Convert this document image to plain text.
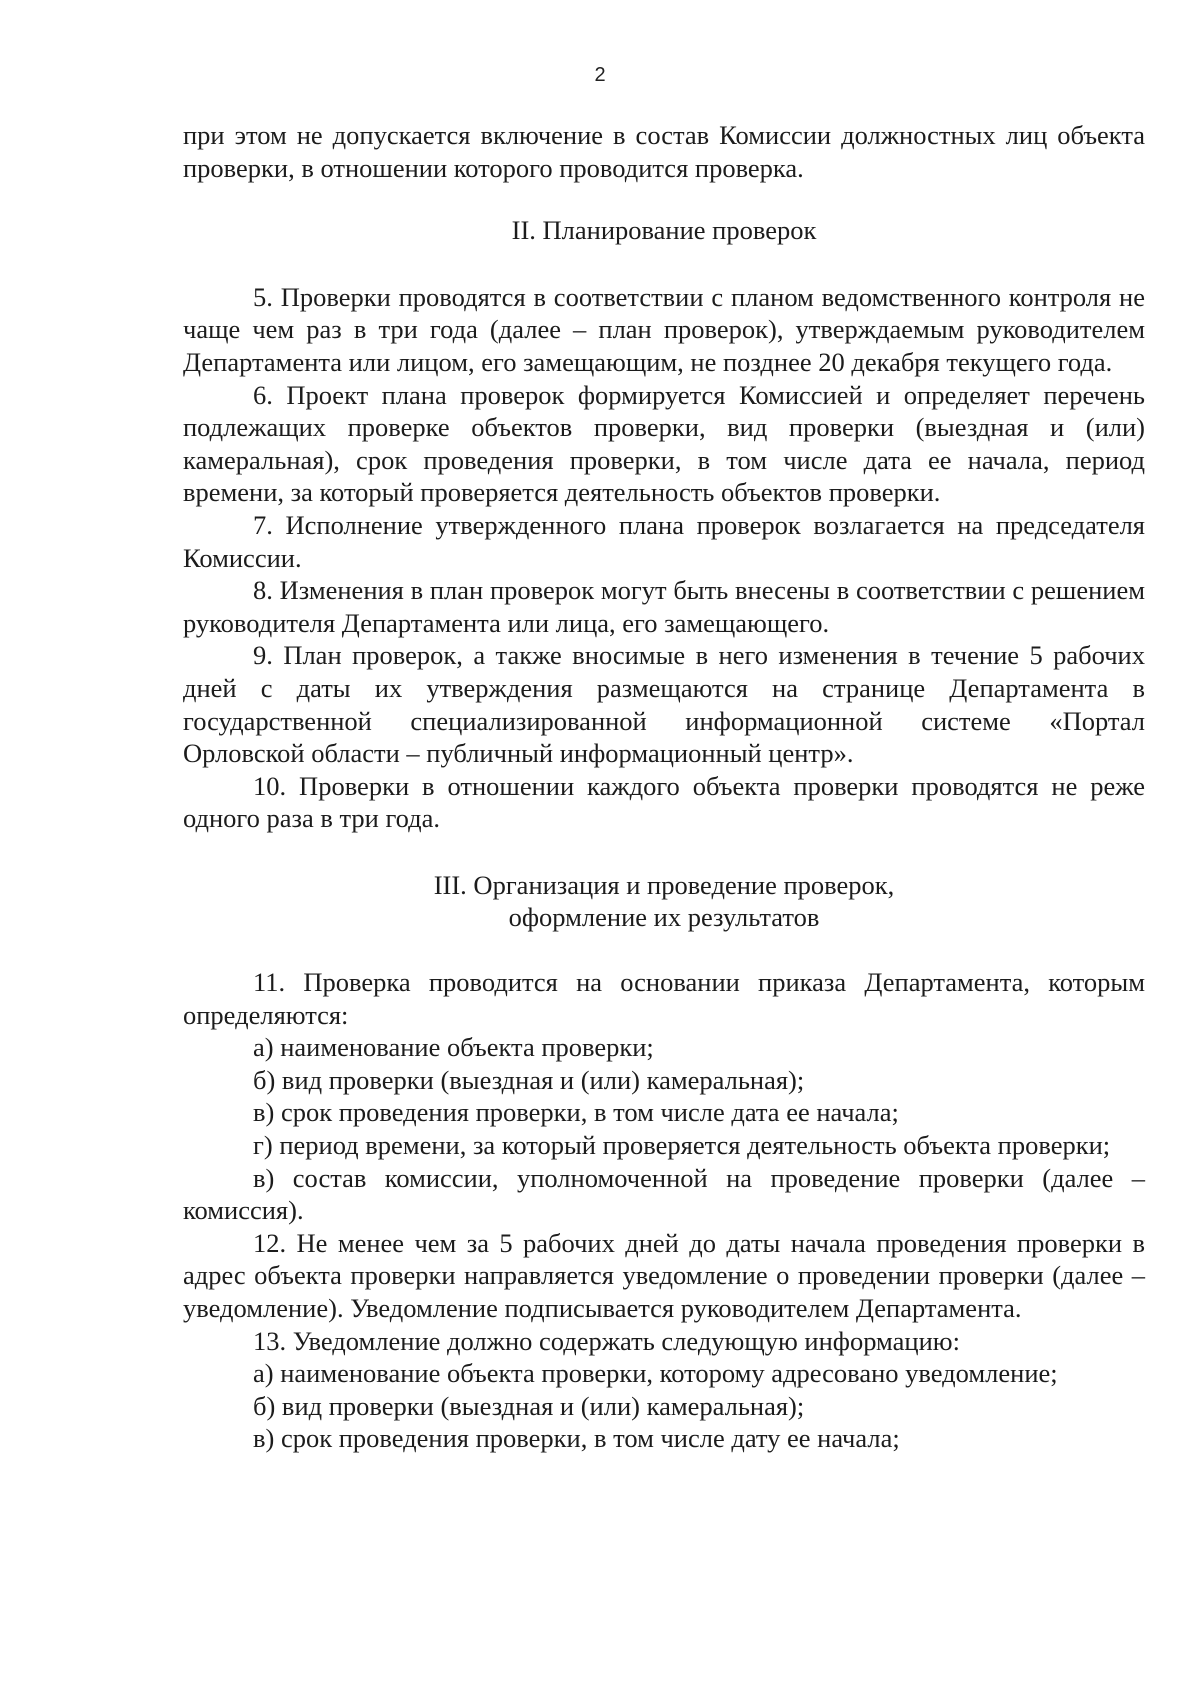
2

при этом не допускается включение в состав Комиссии должностных лиц объекта проверки, в отношении которого проводится проверка.

II. Планирование проверок

5. Проверки проводятся в соответствии с планом ведомственного контроля не чаще чем раз в три года (далее – план проверок), утверждаемым руководителем Департамента или лицом, его замещающим, не позднее 20 декабря текущего года.

6. Проект плана проверок формируется Комиссией и определяет перечень подлежащих проверке объектов проверки, вид проверки (выездная и (или) камеральная), срок проведения проверки, в том числе дата ее начала, период времени, за который проверяется деятельность объектов проверки.

7. Исполнение утвержденного плана проверок возлагается на председателя Комиссии.

8. Изменения в план проверок могут быть внесены в соответствии с решением руководителя Департамента или лица, его замещающего.

9. План проверок, а также вносимые в него изменения в течение 5 рабочих дней с даты их утверждения размещаются на странице Департамента в государственной специализированной информационной системе «Портал Орловской области – публичный информационный центр».

10. Проверки в отношении каждого объекта проверки проводятся не реже одного раза в три года.

III. Организация и проведение проверок,
оформление их результатов

11. Проверка проводится на основании приказа Департамента, которым определяются:

а) наименование объекта проверки;

б) вид проверки (выездная и (или) камеральная);

в) срок проведения проверки, в том числе дата ее начала;

г) период времени, за который проверяется деятельность объекта проверки;

в) состав комиссии, уполномоченной на проведение проверки (далее – комиссия).

12. Не менее чем за 5 рабочих дней до даты начала проведения проверки в адрес объекта проверки направляется уведомление о проведении проверки (далее – уведомление). Уведомление подписывается руководителем Департамента.

13. Уведомление должно содержать следующую информацию:

а) наименование объекта проверки, которому адресовано уведомление;

б) вид проверки (выездная и (или) камеральная);

в) срок проведения проверки, в том числе дату ее начала;
